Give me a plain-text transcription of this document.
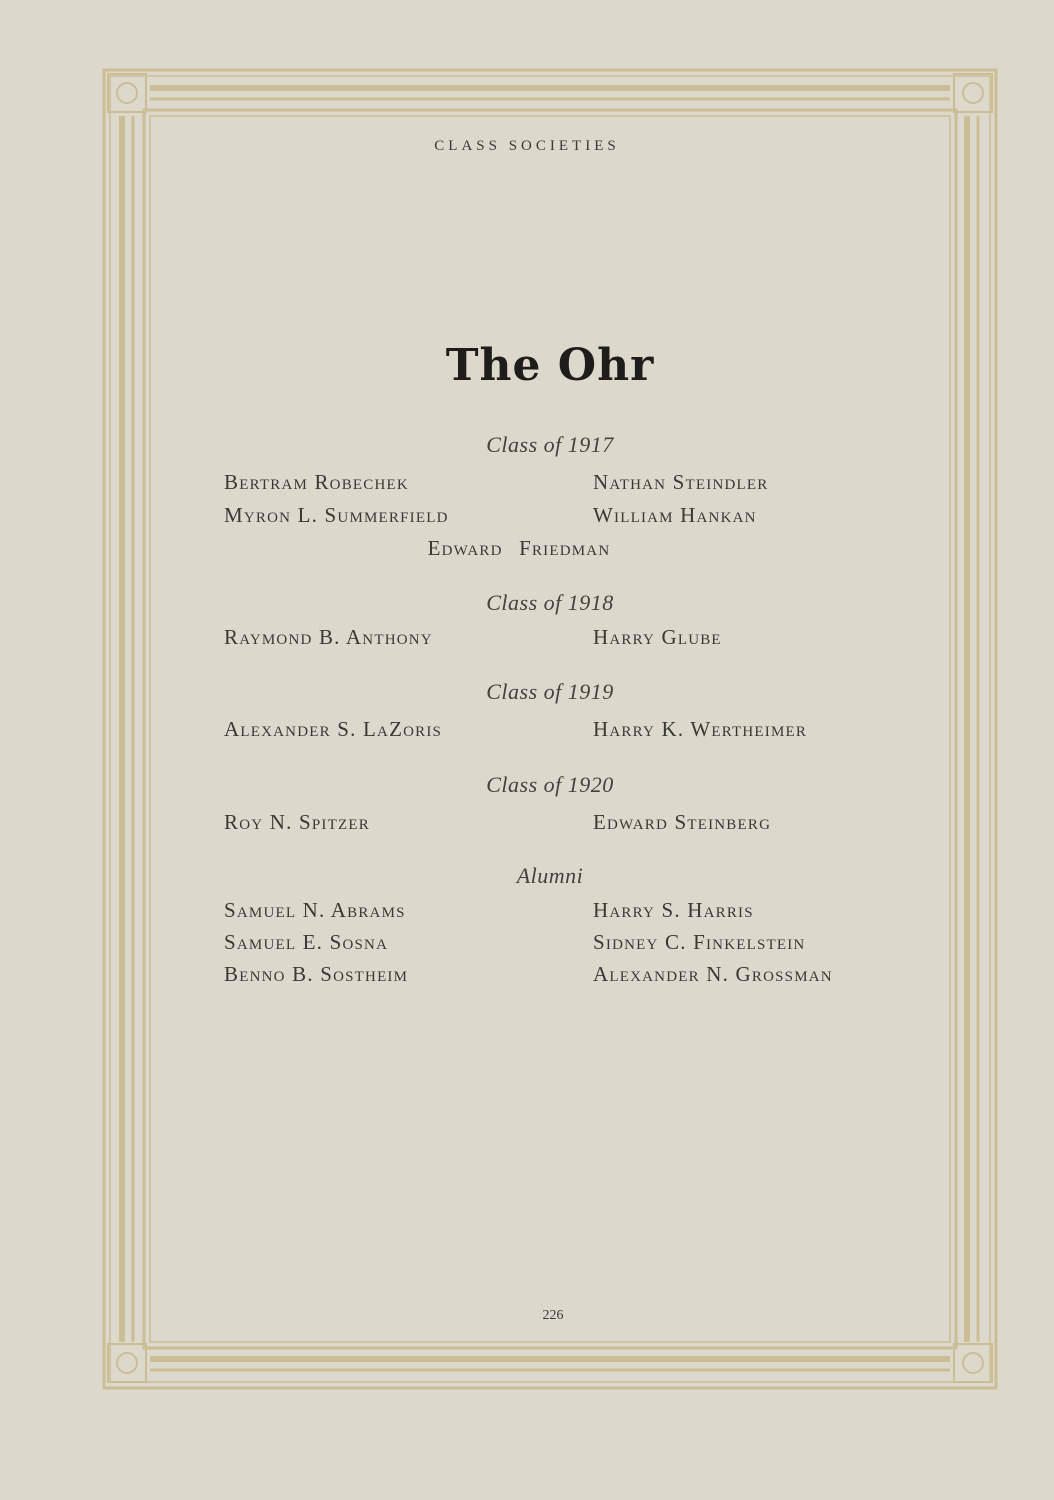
CLASS SOCIETIES
The Ohr
Class of 1917
Bertram Robechek	Nathan Steindler
Myron L. Summerfield	William Hankan
Edward Friedman
Class of 1918
Raymond B. Anthony	Harry Glube
Class of 1919
Alexander S. LaZoris	Harry K. Wertheimer
Class of 1920
Roy N. Spitzer	Edward Steinberg
Alumni
Samuel N. Abrams	Harry S. Harris
Samuel E. Sosna	Sidney C. Finkelstein
Benno B. Sostheim	Alexander N. Grossman
226
